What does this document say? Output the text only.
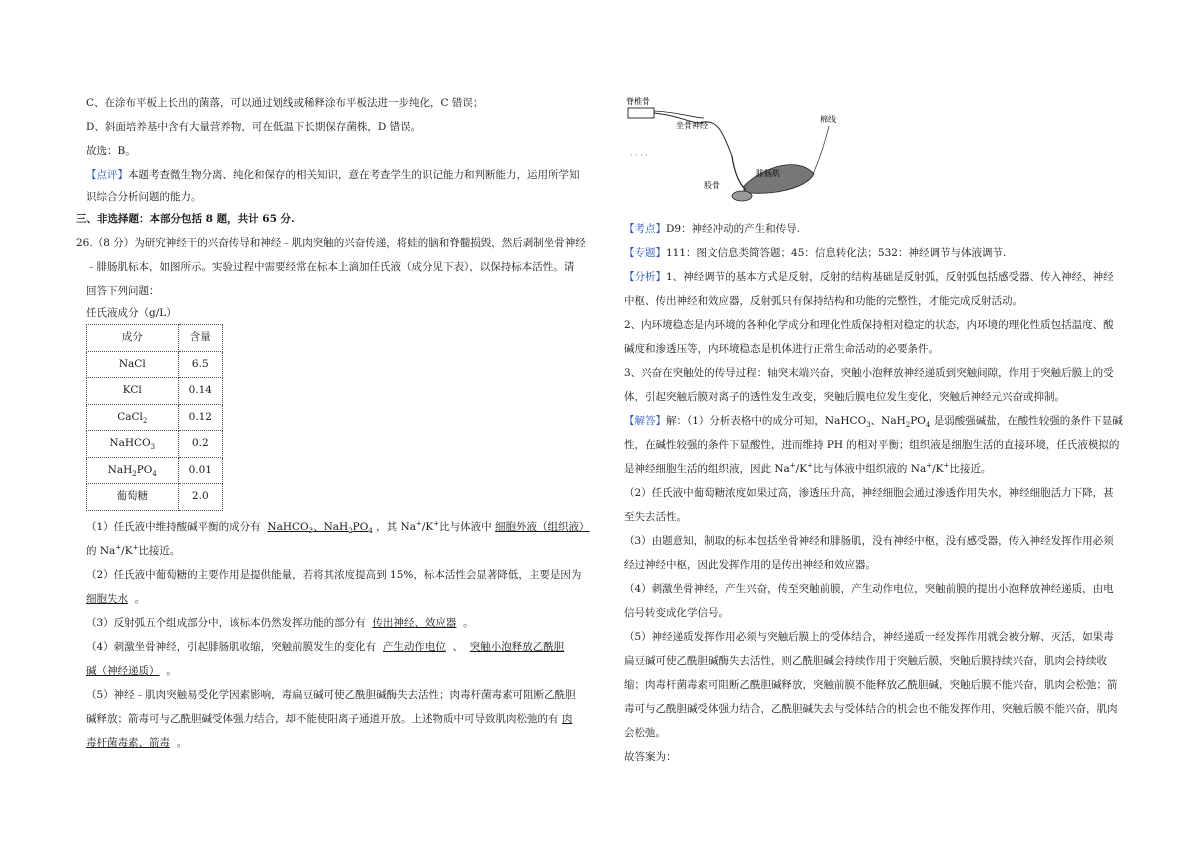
C、在涂布平板上长出的菌落，可以通过划线或稀释涂布平板法进一步纯化，C 错误；

D、斜面培养基中含有大量营养物，可在低温下长期保存菌株，D 错误。

故选：B。

【点评】本题考查微生物分离、纯化和保存的相关知识，意在考查学生的识记能力和判断能力，运用所学知

识综合分析问题的能力。

三、非选择题：本部分包括 8 题，共计 65 分.

26.（8 分）为研究神经干的兴奋传导和神经﹣肌肉突触的兴奋传递，将蛙的脑和脊髓损毁，然后剥制坐骨神经

﹣腓肠肌标本，如图所示。实验过程中需要经常在标本上滴加任氏液（成分见下表），以保持标本活性。请

回答下列问题：

任氏液成分（g/L）

成分	含量
NaCl	6.5
KCl	0.14
CaCl$_2$	0.12
NaHCO$_3$	0.2
$NaH_2PO_4$	0.01
葡萄糖	2.0

（1）任氏液中维持酸碱平衡的成分有 NaHCO$_3$、$NaH_2PO_4$ ，其 Na+/K+比与体液中 细胞外液（组织液）

的 Na+/K+比接近。

（2）任氏液中葡萄糖的主要作用是提供能量，若将其浓度提高到 15%，标本活性会显著降低，主要是因为

细胞失水 。

（3）反射弧五个组成部分中，该标本仍然发挥功能的部分有 传出神经、效应器 。

（4）刺激坐骨神经，引起腓肠肌收缩，突触前膜发生的变化有 产生动作电位  、  突触小泡释放乙酰胆

碱（神经递质） 。

（5）神经﹣肌肉突触易受化学因素影响，毒扁豆碱可使乙酰胆碱酶失去活性；肉毒杆菌毒素可阻断乙酰胆

碱释放；箭毒可与乙酰胆碱受体强力结合，却不能使阳离子通道开放。上述物质中可导致肌肉松弛的有 肉

毒杆菌毒素、箭毒 。

脊椎骨
坐骨神经
棉线
腓肠肌
股骨
· · · ·

【考点】D9：神经冲动的产生和传导.

【专题】111：图文信息类简答题；45：信息转化法；532：神经调节与体液调节.

【分析】1、神经调节的基本方式是反射，反射的结构基础是反射弧，反射弧包括感受器、传入神经、神经

中枢、传出神经和效应器，反射弧只有保持结构和功能的完整性，才能完成反射活动。

2、内环境稳态是内环境的各种化学成分和理化性质保持相对稳定的状态，内环境的理化性质包括温度、酸

碱度和渗透压等，内环境稳态是机体进行正常生命活动的必要条件。

3、兴奋在突触处的传导过程：轴突末端兴奋，突触小泡释放神经递质到突触间隙，作用于突触后膜上的受

体，引起突触后膜对离子的透性发生改变，突触后膜电位发生变化，突触后神经元兴奋或抑制。

【解答】解：（1）分析表格中的成分可知，NaHCO$_3$、$NaH_2PO_4$ 是弱酸强碱盐，在酸性较强的条件下显碱

性，在碱性较强的条件下显酸性，进而维持 PH 的相对平衡；组织液是细胞生活的直接环境，任氏液模拟的

是神经细胞生活的组织液，因此 Na+/K+比与体液中组织液的 Na+/K+比接近。

（2）任氏液中葡萄糖浓度如果过高，渗透压升高，神经细胞会通过渗透作用失水，神经细胞活力下降，甚

至失去活性。

（3）由题意知，制取的标本包括坐骨神经和腓肠肌，没有神经中枢，没有感受器，传入神经发挥作用必须

经过神经中枢，因此发挥作用的是传出神经和效应器。

（4）刺激坐骨神经，产生兴奋，传至突触前膜，产生动作电位，突触前膜的提出小泡释放神经递质，由电

信号转变成化学信号。

（5）神经递质发挥作用必须与突触后膜上的受体结合，神经递质一经发挥作用就会被分解、灭活，如果毒

扁豆碱可使乙酰胆碱酶失去活性，则乙酰胆碱会持续作用于突触后膜，突触后膜持续兴奋，肌肉会持续收

缩；肉毒杆菌毒素可阻断乙酰胆碱释放，突触前膜不能释放乙酰胆碱，突触后膜不能兴奋，肌肉会松弛；箭

毒可与乙酰胆碱受体强力结合，乙酰胆碱失去与受体结合的机会也不能发挥作用，突触后膜不能兴奋，肌肉

会松弛。

故答案为：
